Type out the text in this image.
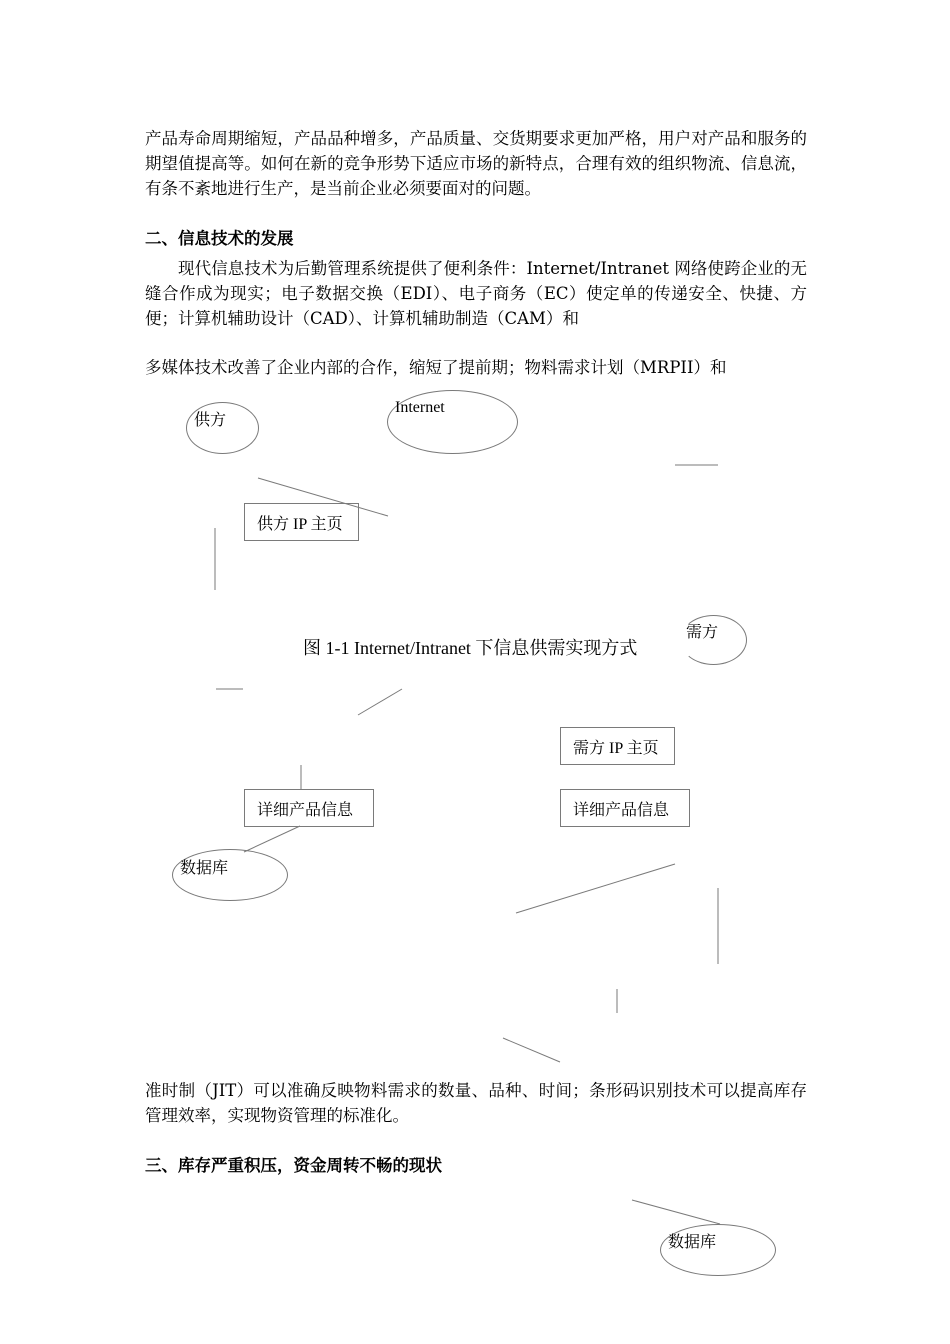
产品寿命周期缩短，产品品种增多，产品质量、交货期要求更加严格，用户对产品和服务的期望值提高等。如何在新的竞争形势下适应市场的新特点，合理有效的组织物流、信息流，有条不紊地进行生产，是当前企业必须要面对的问题。

二、信息技术的发展

现代信息技术为后勤管理系统提供了便利条件：Internet/Intranet 网络使跨企业的无缝合作成为现实；电子数据交换（EDI）、电子商务（EC）使定单的传递安全、快捷、方便；计算机辅助设计（CAD）、计算机辅助制造（CAM）和

多媒体技术改善了企业内部的合作，缩短了提前期；物料需求计划（MRPII）和

供方
Internet
供方 IP 主页
图 1-1 Internet/Intranet 下信息供需实现方式
需方
需方 IP 主页
详细产品信息	详细产品信息
数据库

准时制（JIT）可以准确反映物料需求的数量、品种、时间；条形码识别技术可以提高库存管理效率，实现物资管理的标准化。

三、库存严重积压，资金周转不畅的现状

数据库
